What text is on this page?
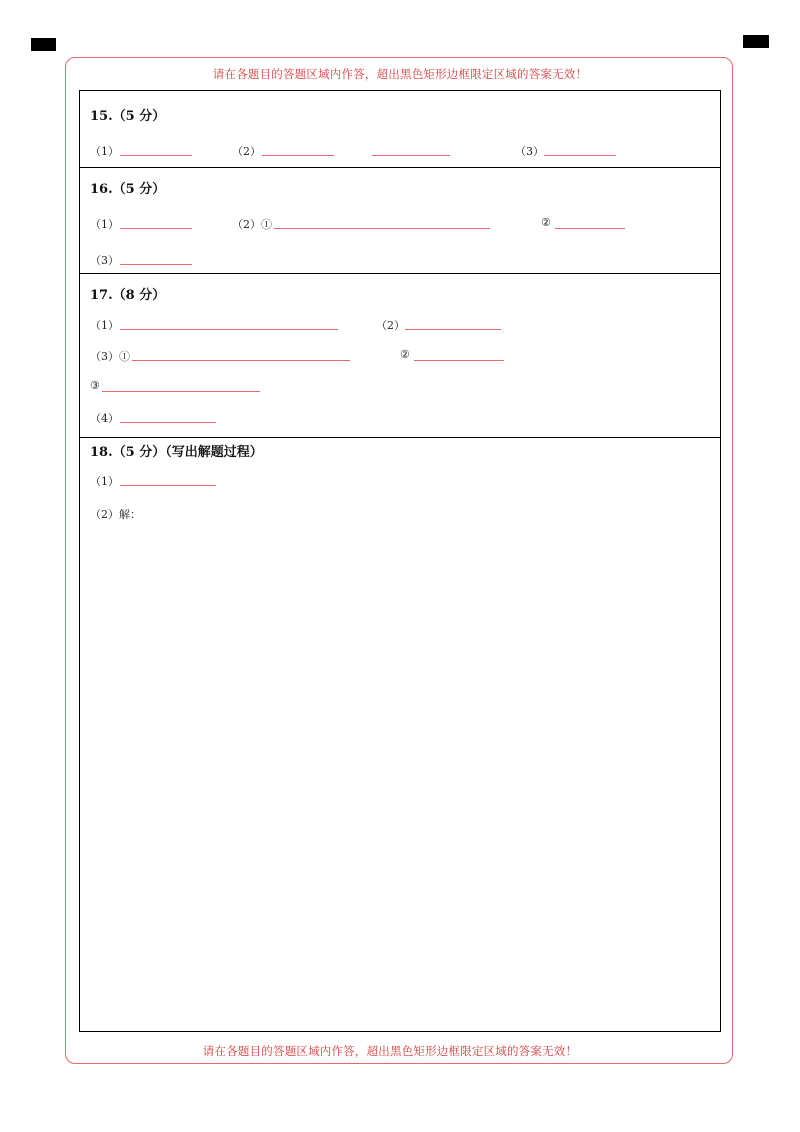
请在各题目的答题区域内作答，超出黑色矩形边框限定区域的答案无效！
15.（5 分）
（1）	（2）	（3）
16.（5 分）
（1）	（2）①	②
（3）
17.（8 分）
（1）	（2）
（3）①	②
③
（4）
18.（5 分）（写出解题过程）
（1）
（2）解：
请在各题目的答题区域内作答，超出黑色矩形边框限定区域的答案无效！
